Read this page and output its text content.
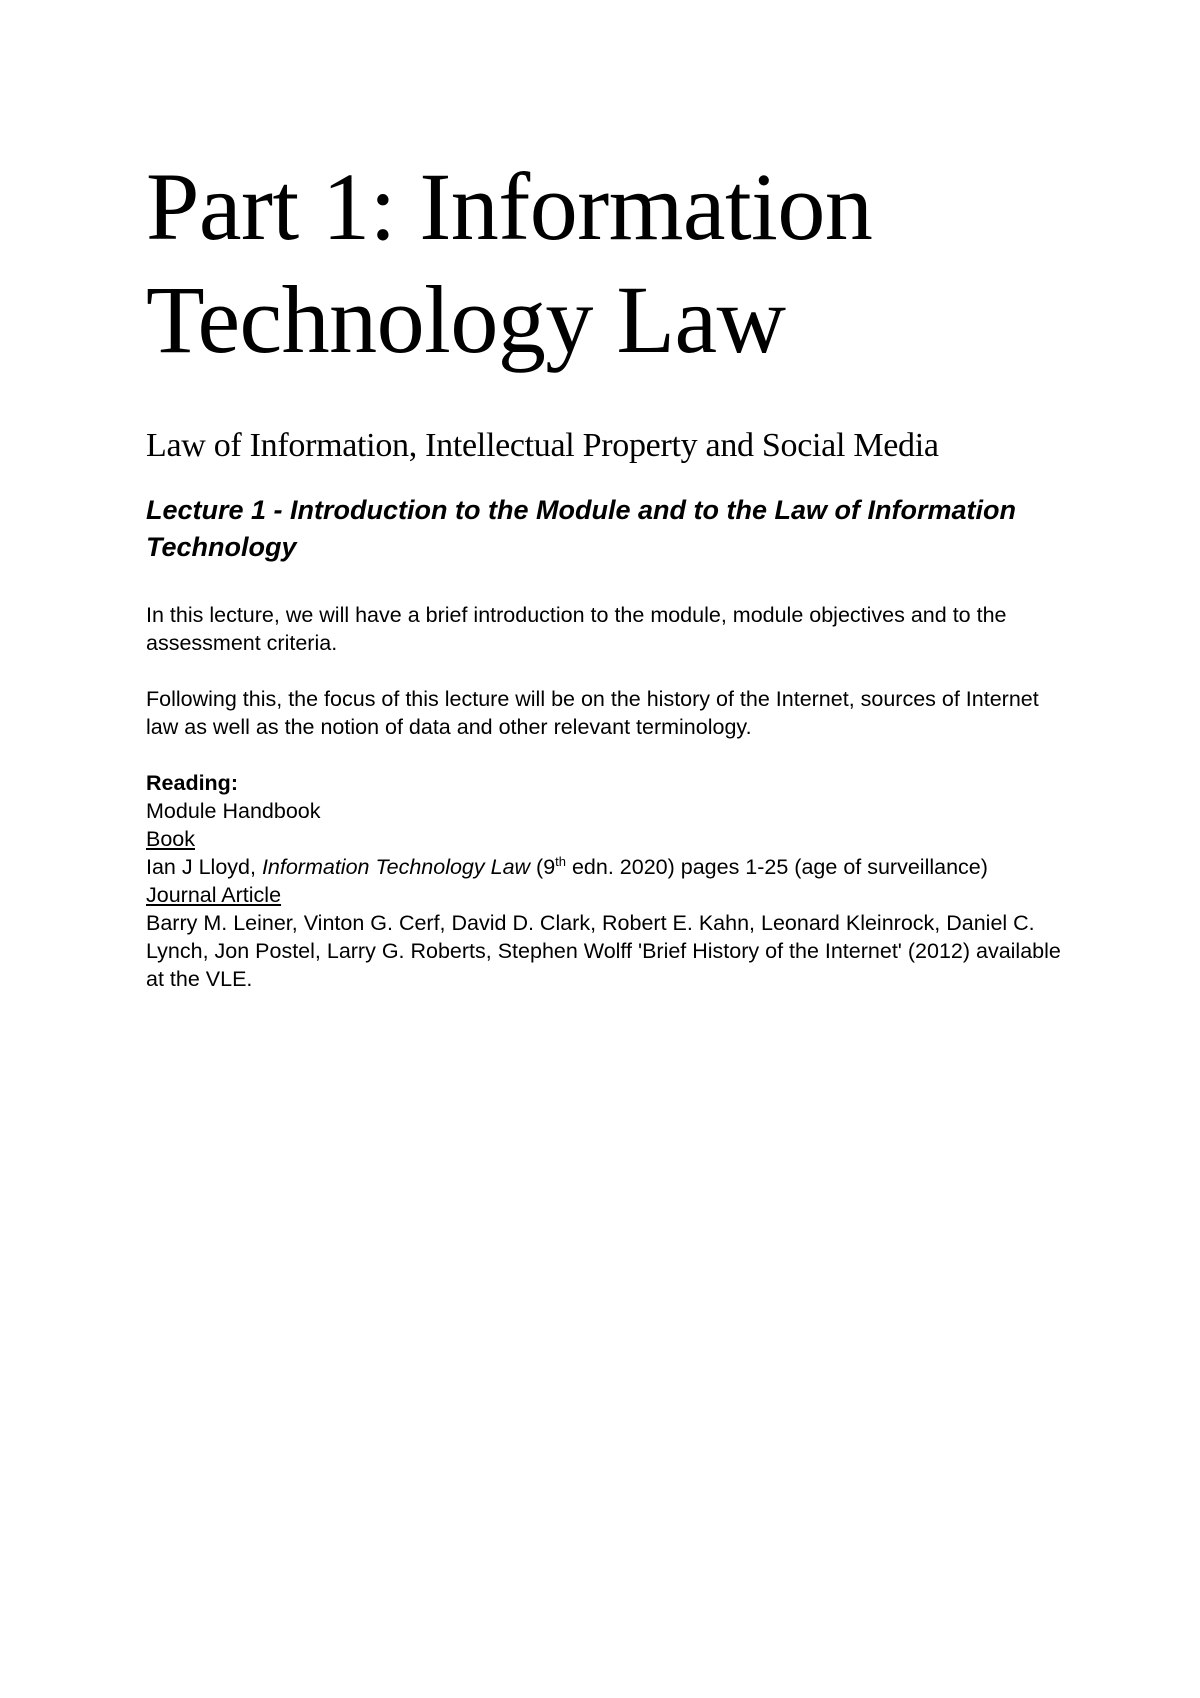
Part 1: Information
Technology Law

Law of Information, Intellectual Property and Social Media

Lecture 1 - Introduction to the Module and to the Law of Information Technology

In this lecture, we will have a brief introduction to the module, module objectives and to the assessment criteria.

Following this, the focus of this lecture will be on the history of the Internet, sources of Internet law as well as the notion of data and other relevant terminology.

Reading:
Module Handbook
Book
Ian J Lloyd, Information Technology Law (9th edn. 2020) pages 1-25 (age of surveillance)
Journal Article
Barry M. Leiner, Vinton G. Cerf, David D. Clark, Robert E. Kahn, Leonard Kleinrock, Daniel C. Lynch, Jon Postel, Larry G. Roberts, Stephen Wolff 'Brief History of the Internet' (2012) available at the VLE.
